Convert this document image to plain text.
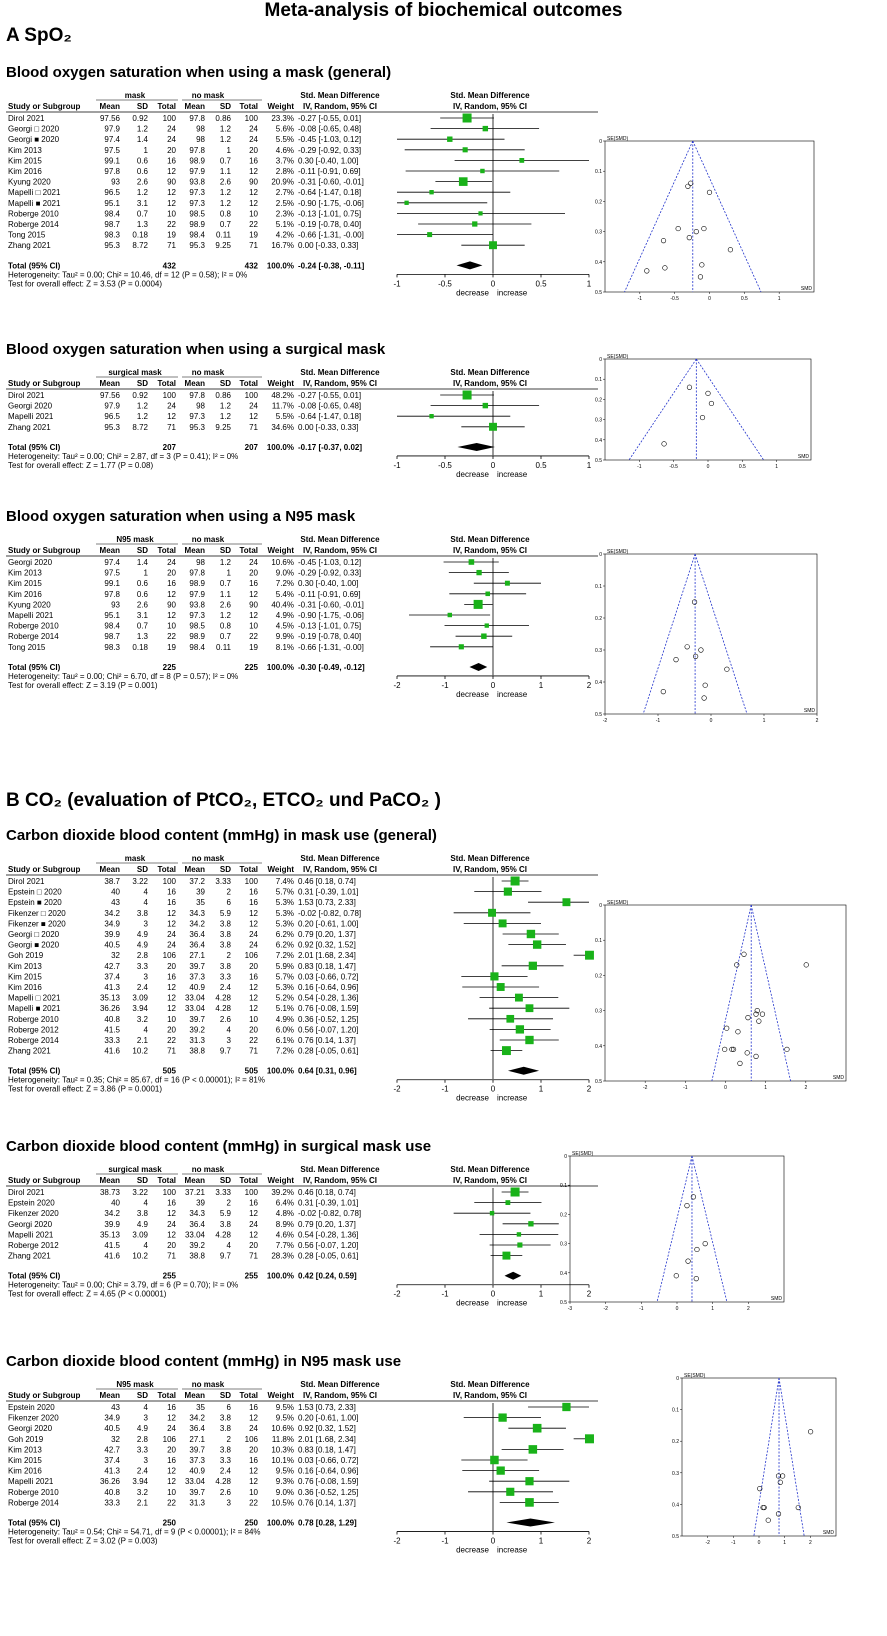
Meta-analysis of biochemical outcomes
A SpO₂
B CO₂ (evaluation of PtCO₂, ETCO₂ und PaCO₂ )
Blood oxygen saturation when using a mask (general)
mask	no mask	Std. Mean Difference	Std. Mean Difference
Study or Subgroup Mean SD Total Mean SD Total Weight IV, Random, 95% CI	IV, Random, 95% CI
Dirol 2021	97.56 0.92 100 97.8 0.86 100 23.3% -0.27 [-0.55, 0.01]
Georgi □ 2020	97.9 1.2 24	98 1.2 24 5.6% -0.08 [-0.65, 0.48]
Georgi ■ 2020	97.4 1.4 24	98 1.2 24 5.5% -0.45 [-1.03, 0.12]
Kim 2013	97.5	1 20 97.8	1 20 4.6% -0.29 [-0.92, 0.33]
Kim 2015	99.1 0.6 16 98.9 0.7 16 3.7% 0.30 [-0.40, 1.00]
Kim 2016	97.8 0.6 12 97.9 1.1 12 2.8% -0.11 [-0.91, 0.69]
Kyung 2020	93 2.6 90 93.8 2.6 90 20.9% -0.31 [-0.60, -0.01]
Mapelli □ 2021	96.5 1.2 12 97.3 1.2 12 2.7% -0.64 [-1.47, 0.18]
Mapelli ■ 2021	95.1 3.1 12 97.3 1.2 12 2.5% -0.90 [-1.75, -0.06]
Roberge 2010	98.4 0.7 10 98.5 0.8 10 2.3% -0.13 [-1.01, 0.75]
Roberge 2014	98.7 1.3 22 98.9 0.7 22 5.1% -0.19 [-0.78, 0.40]
Tong 2015	98.3 0.18 19 98.4 0.11 19 4.2% -0.66 [-1.31, -0.00]
Zhang 2021	95.3 8.72 71 95.3 9.25 71 16.7% 0.00 [-0.33, 0.33]
Total (95% CI)	432	432 100.0% -0.24 [-0.38, -0.11]
Heterogeneity: Tau² = 0.00; Chi² = 10.46, df = 12 (P = 0.58); I² = 0%
Test for overall effect: Z = 3.53 (P = 0.0004)	-1	-0.5	0	0.5	1
decrease increase
SE(SMD)
SMD
0
0.1
0.2
0.3
0.4
0.5
-1	-0.5	0	0.5	1
Blood oxygen saturation when using a surgical mask
surgical mask	no mask	Std. Mean Difference	Std. Mean Difference
Study or Subgroup Mean SD Total Mean SD Total Weight IV, Random, 95% CI	IV, Random, 95% CI
Dirol 2021	97.56 0.92 100 97.8 0.86 100 48.2% -0.27 [-0.55, 0.01]
Georgi 2020	97.9 1.2 24	98 1.2 24 11.7% -0.08 [-0.65, 0.48]
Mapelli 2021	96.5 1.2 12 97.3 1.2 12 5.5% -0.64 [-1.47, 0.18]
Zhang 2021	95.3 8.72 71 95.3 9.25 71 34.6% 0.00 [-0.33, 0.33]
Total (95% CI)	207	207 100.0% -0.17 [-0.37, 0.02]
Heterogeneity: Tau² = 0.00; Chi² = 2.87, df = 3 (P = 0.41); I² = 0%
Test for overall effect: Z = 1.77 (P = 0.08)	-1	-0.5	0	0.5	1
decrease increase
SE(SMD)
SMD
0
0.1
0.2
0.3
0.4
0.5
-1	-0.5	0	0.5	1
Blood oxygen saturation when using a N95 mask
N95 mask	no mask	Std. Mean Difference	Std. Mean Difference
Study or Subgroup Mean SD Total Mean SD Total Weight IV, Random, 95% CI	IV, Random, 95% CI
Georgi 2020	97.4 1.4 24	98 1.2 24 10.6% -0.45 [-1.03, 0.12]
Kim 2013	97.5	1 20 97.8	1 20 9.0% -0.29 [-0.92, 0.33]
Kim 2015	99.1 0.6 16 98.9 0.7 16 7.2% 0.30 [-0.40, 1.00]
Kim 2016	97.8 0.6 12 97.9 1.1 12 5.4% -0.11 [-0.91, 0.69]
Kyung 2020	93 2.6 90 93.8 2.6 90 40.4% -0.31 [-0.60, -0.01]
Mapelli 2021	95.1 3.1 12 97.3 1.2 12 4.9% -0.90 [-1.75, -0.06]
Roberge 2010	98.4 0.7 10 98.5 0.8 10 4.5% -0.13 [-1.01, 0.75]
Roberge 2014	98.7 1.3 22 98.9 0.7 22 9.9% -0.19 [-0.78, 0.40]
Tong 2015	98.3 0.18 19 98.4 0.11 19 8.1% -0.66 [-1.31, -0.00]
Total (95% CI)	225	225 100.0% -0.30 [-0.49, -0.12]
Heterogeneity: Tau² = 0.00; Chi² = 6.70, df = 8 (P = 0.57); I² = 0%
Test for overall effect: Z = 3.19 (P = 0.001)	-2	-1	0	1	2
decrease increase
SE(SMD)
SMD
0
0.1
0.2
0.3
0.4
0.5
-2	-1	0	1	2
Carbon dioxide blood content (mmHg) in mask use (general)
mask	no mask	Std. Mean Difference	Std. Mean Difference
Study or Subgroup Mean SD Total Mean SD Total Weight IV, Random, 95% CI	IV, Random, 95% CI
Dirol 2021	38.7 3.22 100 37.2 3.33 100 7.4% 0.46 [0.18, 0.74]
Epstein □ 2020	40	4 16	39	2 16 5.7% 0.31 [-0.39, 1.01]
Epstein ■ 2020	43	4 16	35	6 16 5.3% 1.53 [0.73, 2.33]
Fikenzer □ 2020	34.2 3.8 12 34.3 5.9 12 5.3% -0.02 [-0.82, 0.78]
Fikenzer ■ 2020	34.9	3 12 34.2 3.8 12 5.3% 0.20 [-0.61, 1.00]
Georgi □ 2020	39.9 4.9 24 36.4 3.8 24 6.2% 0.79 [0.20, 1.37]
Georgi ■ 2020	40.5 4.9 24 36.4 3.8 24 6.2% 0.92 [0.32, 1.52]
Goh 2019	32 2.8 106 27.1	2 106 7.2% 2.01 [1.68, 2.34]
Kim 2013	42.7 3.3 20 39.7 3.8 20 5.9% 0.83 [0.18, 1.47]
Kim 2015	37.4	3 16 37.3 3.3 16 5.7% 0.03 [-0.66, 0.72]
Kim 2016	41.3 2.4 12 40.9 2.4 12 5.3% 0.16 [-0.64, 0.96]
Mapelli □ 2021	35.13 3.09 12 33.04 4.28 12 5.2% 0.54 [-0.28, 1.36]
Mapelli ■ 2021	36.26 3.94 12 33.04 4.28 12 5.1% 0.76 [-0.08, 1.59]
Roberge 2010	40.8 3.2 10 39.7 2.6 10 4.9% 0.36 [-0.52, 1.25]
Roberge 2012	41.5	4 20 39.2	4 20 6.0% 0.56 [-0.07, 1.20]
Roberge 2014	33.3 2.1 22 31.3	3 22 6.1% 0.76 [0.14, 1.37]
Zhang 2021	41.6 10.2 71 38.8 9.7 71 7.2% 0.28 [-0.05, 0.61]
Total (95% CI)	505	505 100.0% 0.64 [0.31, 0.96]
Heterogeneity: Tau² = 0.35; Chi² = 85.67, df = 16 (P < 0.00001); I² = 81%
Test for overall effect: Z = 3.86 (P = 0.0001)	-2	-1	0	1	2
decrease increase
SE(SMD)
SMD
0
0.1
0.2
0.3
0.4
0.5
-2	-1	0	1	2
Carbon dioxide blood content (mmHg) in surgical mask use
surgical mask	no mask	Std. Mean Difference	Std. Mean Difference
Study or Subgroup Mean SD Total Mean SD Total Weight IV, Random, 95% CI	IV, Random, 95% CI
Dirol 2021	38.73 3.22 100 37.21 3.33 100 39.2% 0.46 [0.18, 0.74]
Epstein 2020	40	4 16	39	2 16 6.4% 0.31 [-0.39, 1.01]
Fikenzer 2020	34.2 3.8 12 34.3 5.9 12 4.8% -0.02 [-0.82, 0.78]
Georgi 2020	39.9 4.9 24 36.4 3.8 24 8.9% 0.79 [0.20, 1.37]
Mapelli 2021	35.13 3.09 12 33.04 4.28 12 4.6% 0.54 [-0.28, 1.36]
Roberge 2012	41.5	4 20 39.2	4 20 7.7% 0.56 [-0.07, 1.20]
Zhang 2021	41.6 10.2 71 38.8 9.7 71 28.3% 0.28 [-0.05, 0.61]
Total (95% CI)	255	255 100.0% 0.42 [0.24, 0.59]
Heterogeneity: Tau² = 0.00; Chi² = 3.79, df = 6 (P = 0.70); I² = 0%
Test for overall effect: Z = 4.65 (P < 0.00001)	-2	-1	0	1	2
decrease increase
SE(SMD)
SMD
0
0.1
0.2
0.3
0.4
0.5
-3	-2	-1	0	1	2
Carbon dioxide blood content (mmHg) in N95 mask use
N95 mask	no mask	Std. Mean Difference	Std. Mean Difference
Study or Subgroup Mean SD Total Mean SD Total Weight IV, Random, 95% CI	IV, Random, 95% CI
Epstein 2020	43	4 16	35	6 16 9.5% 1.53 [0.73, 2.33]
Fikenzer 2020	34.9	3 12 34.2 3.8 12 9.5% 0.20 [-0.61, 1.00]
Georgi 2020	40.5 4.9 24 36.4 3.8 24 10.6% 0.92 [0.32, 1.52]
Goh 2019	32 2.8 106 27.1	2 106 11.8% 2.01 [1.68, 2.34]
Kim 2013	42.7 3.3 20 39.7 3.8 20 10.3% 0.83 [0.18, 1.47]
Kim 2015	37.4	3 16 37.3 3.3 16 10.1% 0.03 [-0.66, 0.72]
Kim 2016	41.3 2.4 12 40.9 2.4 12 9.5% 0.16 [-0.64, 0.96]
Mapelli 2021	36.26 3.94 12 33.04 4.28 12 9.3% 0.76 [-0.08, 1.59]
Roberge 2010	40.8 3.2 10 39.7 2.6 10 9.0% 0.36 [-0.52, 1.25]
Roberge 2014	33.3 2.1 22 31.3	3 22 10.5% 0.76 [0.14, 1.37]
Total (95% CI)	250	250 100.0% 0.78 [0.28, 1.29]
Heterogeneity: Tau² = 0.54; Chi² = 54.71, df = 9 (P < 0.00001); I² = 84%
Test for overall effect: Z = 3.02 (P = 0.003)	-2	-1	0	1	2
decrease increase
SE(SMD)
SMD
0
0.1
0.2
0.3
0.4
0.5
-2	-1	0	1	2
